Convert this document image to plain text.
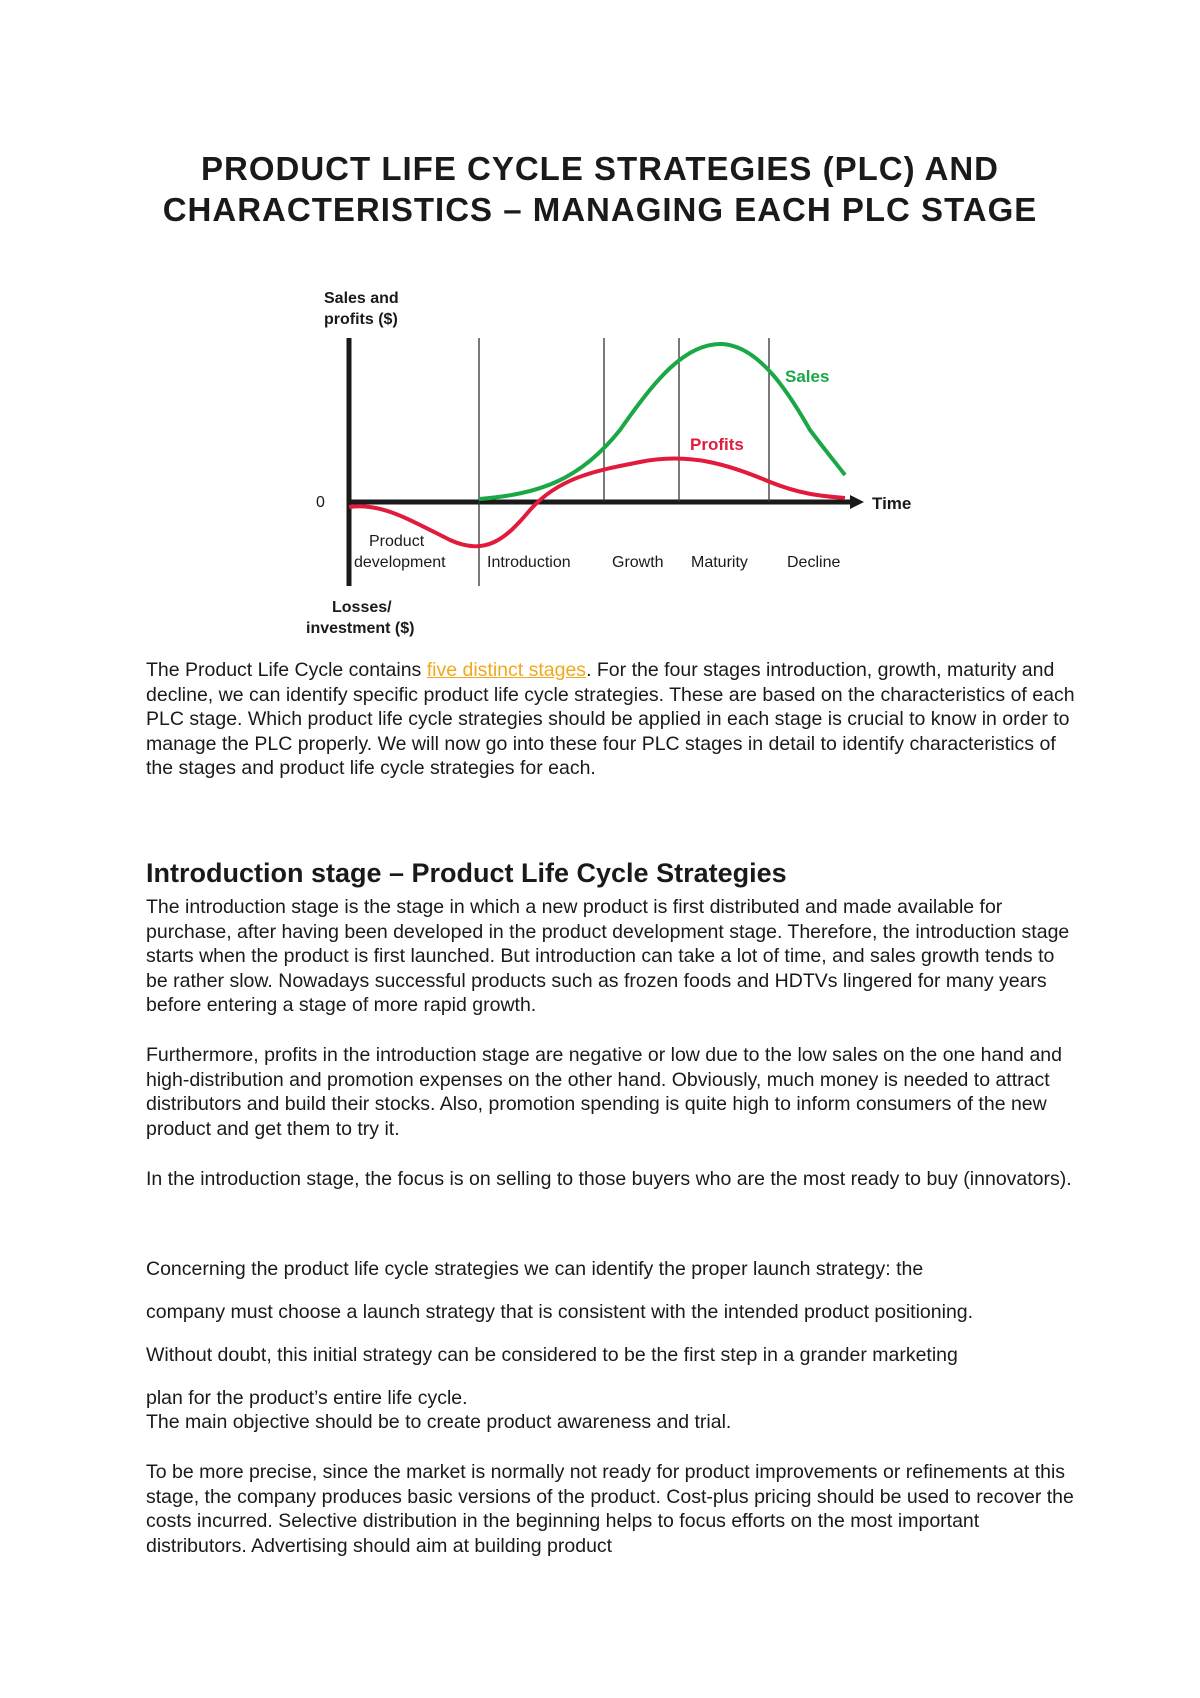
PRODUCT LIFE CYCLE STRATEGIES (PLC) AND CHARACTERISTICS – MANAGING EACH PLC STAGE
Sales and
profits ($)
Losses/
investment ($)
0	Time
Sales
Profits
Product
development	Introduction	Growth Maturity Decline

The Product Life Cycle contains five distinct stages. For the four stages introduction, growth, maturity and decline, we can identify specific product life cycle strategies. These are based on the characteristics of each PLC stage. Which product life cycle strategies should be applied in each stage is crucial to know in order to manage the PLC properly. We will now go into these four PLC stages in detail to identify characteristics of the stages and product life cycle strategies for each.

Introduction stage – Product Life Cycle Strategies

The introduction stage is the stage in which a new product is first distributed and made available for purchase, after having been developed in the product development stage. Therefore, the introduction stage starts when the product is first launched. But introduction can take a lot of time, and sales growth tends to be rather slow. Nowadays successful products such as frozen foods and HDTVs lingered for many years before entering a stage of more rapid growth.

Furthermore, profits in the introduction stage are negative or low due to the low sales on the one hand and high-distribution and promotion expenses on the other hand. Obviously, much money is needed to attract distributors and build their stocks. Also, promotion spending is quite high to inform consumers of the new product and get them to try it.

In the introduction stage, the focus is on selling to those buyers who are the most ready to buy (innovators).

Concerning the product life cycle strategies we can identify the proper launch strategy: the

company must choose a launch strategy that is consistent with the intended product positioning.

Without doubt, this initial strategy can be considered to be the first step in a grander marketing

plan for the product’s entire life cycle.

The main objective should be to create product awareness and trial.

To be more precise, since the market is normally not ready for product improvements or refinements at this stage, the company produces basic versions of the product. Cost-plus pricing should be used to recover the costs incurred. Selective distribution in the beginning helps to focus efforts on the most important distributors. Advertising should aim at building product
